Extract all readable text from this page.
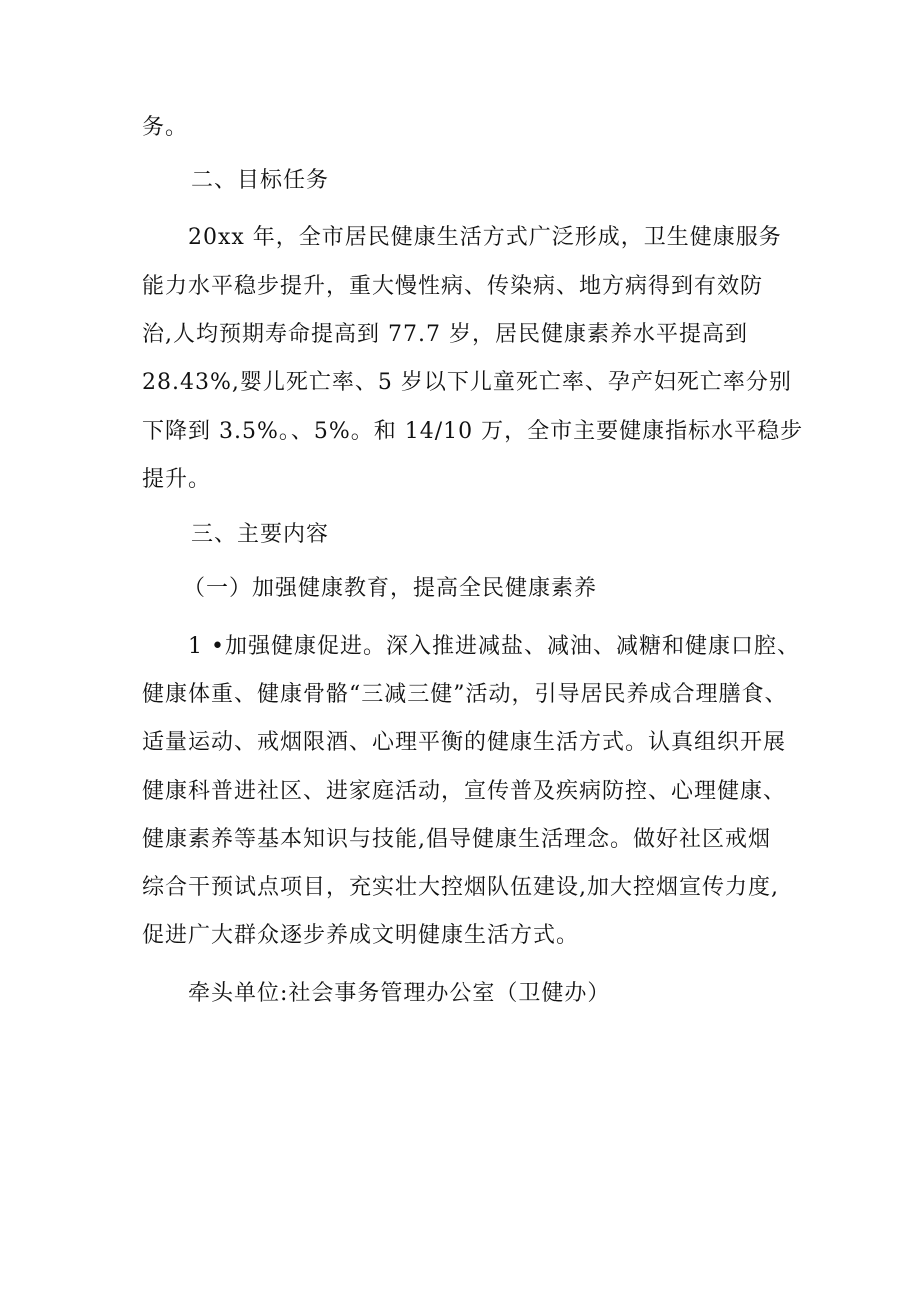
务。
二、目标任务
20xx 年，全市居民健康生活方式广泛形成，卫生健康服务
能力水平稳步提升，重大慢性病、传染病、地方病得到有效防
治,人均预期寿命提高到 77.7 岁，居民健康素养水平提高到
28.43%,婴儿死亡率、5 岁以下儿童死亡率、孕产妇死亡率分别
下降到 3.5%。、5%。和 14/10 万，全市主要健康指标水平稳步
提升。
三、主要内容
（一）加强健康教育，提高全民健康素养
1 •加强健康促进。深入推进减盐、减油、减糖和健康口腔、
健康体重、健康骨骼“三减三健”活动，引导居民养成合理膳食、
适量运动、戒烟限酒、心理平衡的健康生活方式。认真组织开展
健康科普进社区、进家庭活动，宣传普及疾病防控、心理健康、
健康素养等基本知识与技能,倡导健康生活理念。做好社区戒烟
综合干预试点项目，充实壮大控烟队伍建设,加大控烟宣传力度,
促进广大群众逐步养成文明健康生活方式。
牵头单位:社会事务管理办公室（卫健办）
